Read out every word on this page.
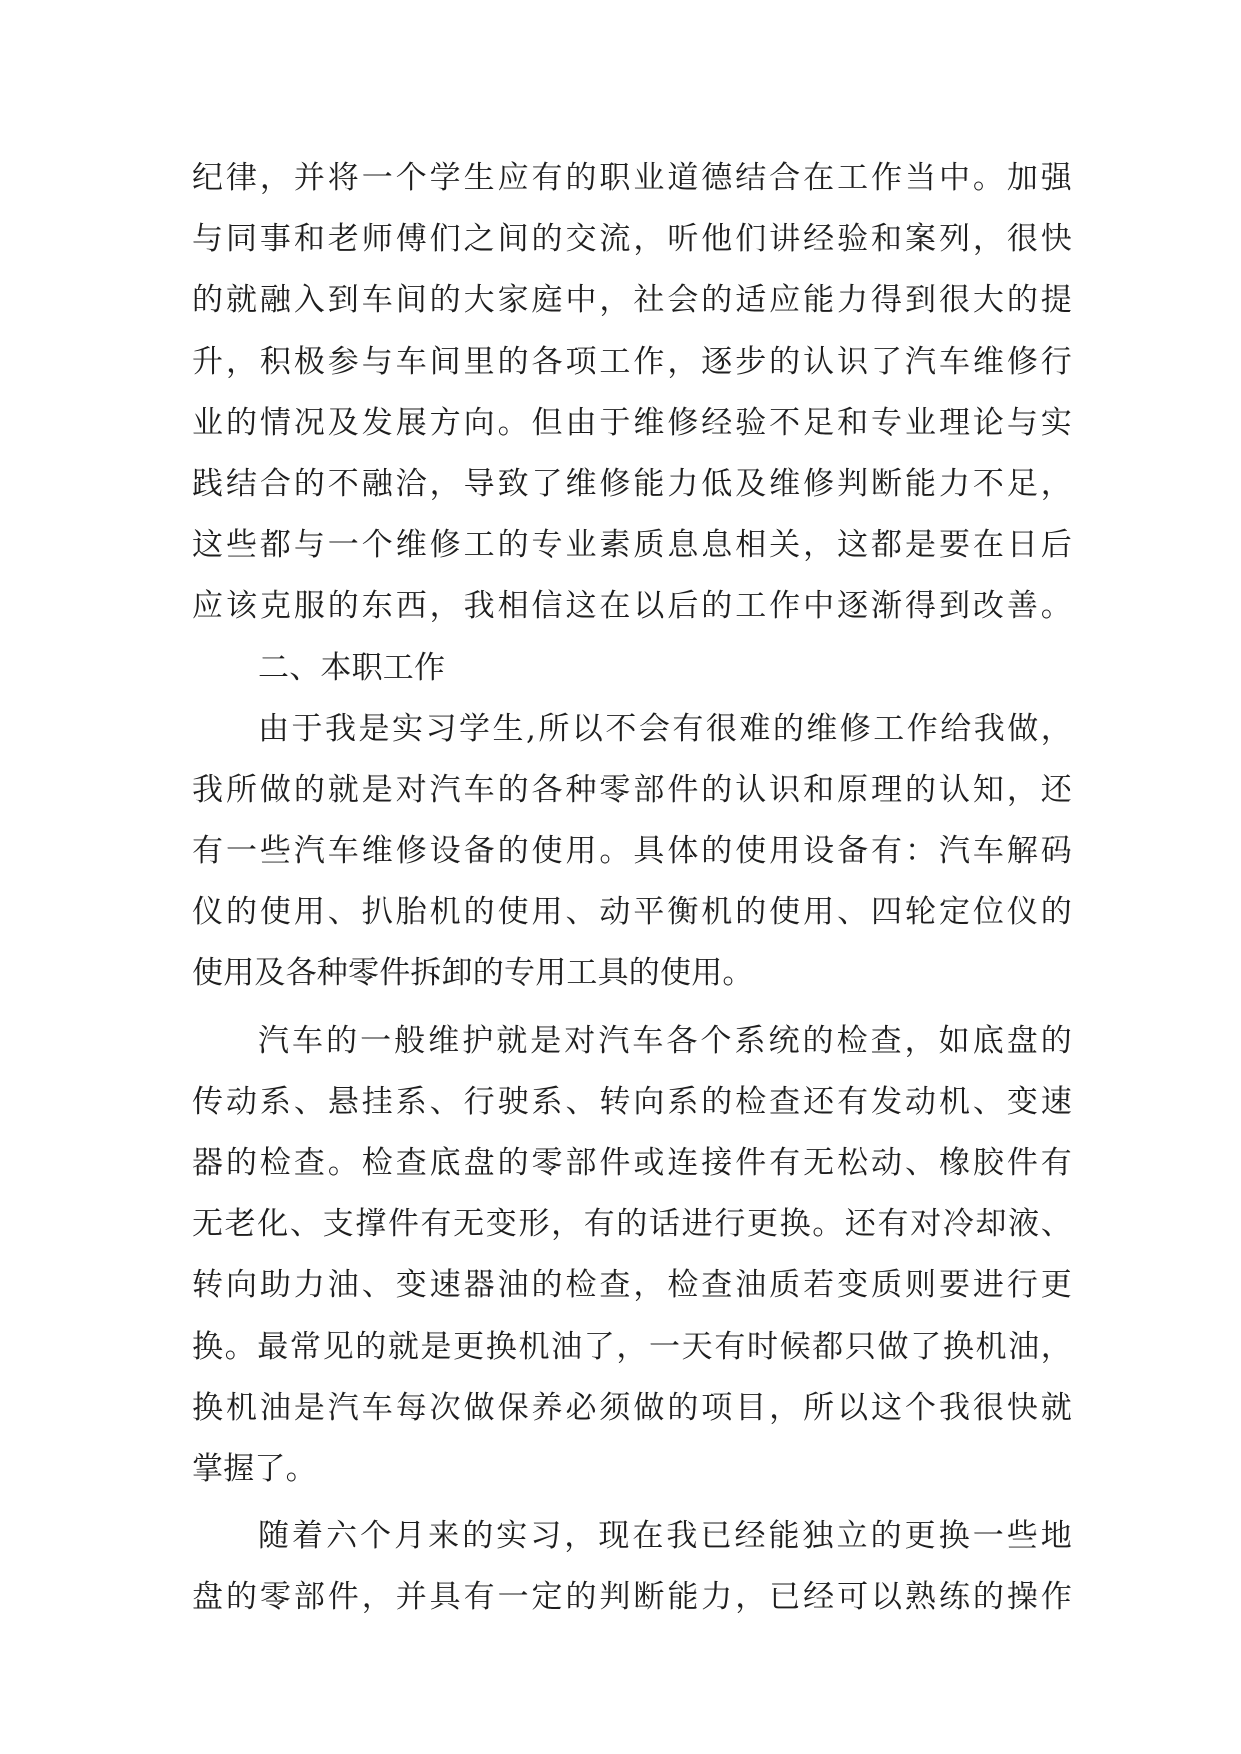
纪律，并将一个学生应有的职业道德结合在工作当中。加强
与同事和老师傅们之间的交流，听他们讲经验和案列，很快
的就融入到车间的大家庭中，社会的适应能力得到很大的提
升，积极参与车间里的各项工作，逐步的认识了汽车维修行
业的情况及发展方向。但由于维修经验不足和专业理论与实
践结合的不融洽，导致了维修能力低及维修判断能力不足，
这些都与一个维修工的专业素质息息相关，这都是要在日后
应该克服的东西，我相信这在以后的工作中逐渐得到改善。
二、本职工作
由于我是实习学生,所以不会有很难的维修工作给我做，
我所做的就是对汽车的各种零部件的认识和原理的认知，还
有一些汽车维修设备的使用。具体的使用设备有：汽车解码
仪的使用、扒胎机的使用、动平衡机的使用、四轮定位仪的
使用及各种零件拆卸的专用工具的使用。
汽车的一般维护就是对汽车各个系统的检查，如底盘的
传动系、悬挂系、行驶系、转向系的检查还有发动机、变速
器的检查。检查底盘的零部件或连接件有无松动、橡胶件有
无老化、支撑件有无变形，有的话进行更换。还有对冷却液、
转向助力油、变速器油的检查，检查油质若变质则要进行更
换。最常见的就是更换机油了，一天有时候都只做了换机油，
换机油是汽车每次做保养必须做的项目，所以这个我很快就
掌握了。
随着六个月来的实习，现在我已经能独立的更换一些地
盘的零部件，并具有一定的判断能力，已经可以熟练的操作
